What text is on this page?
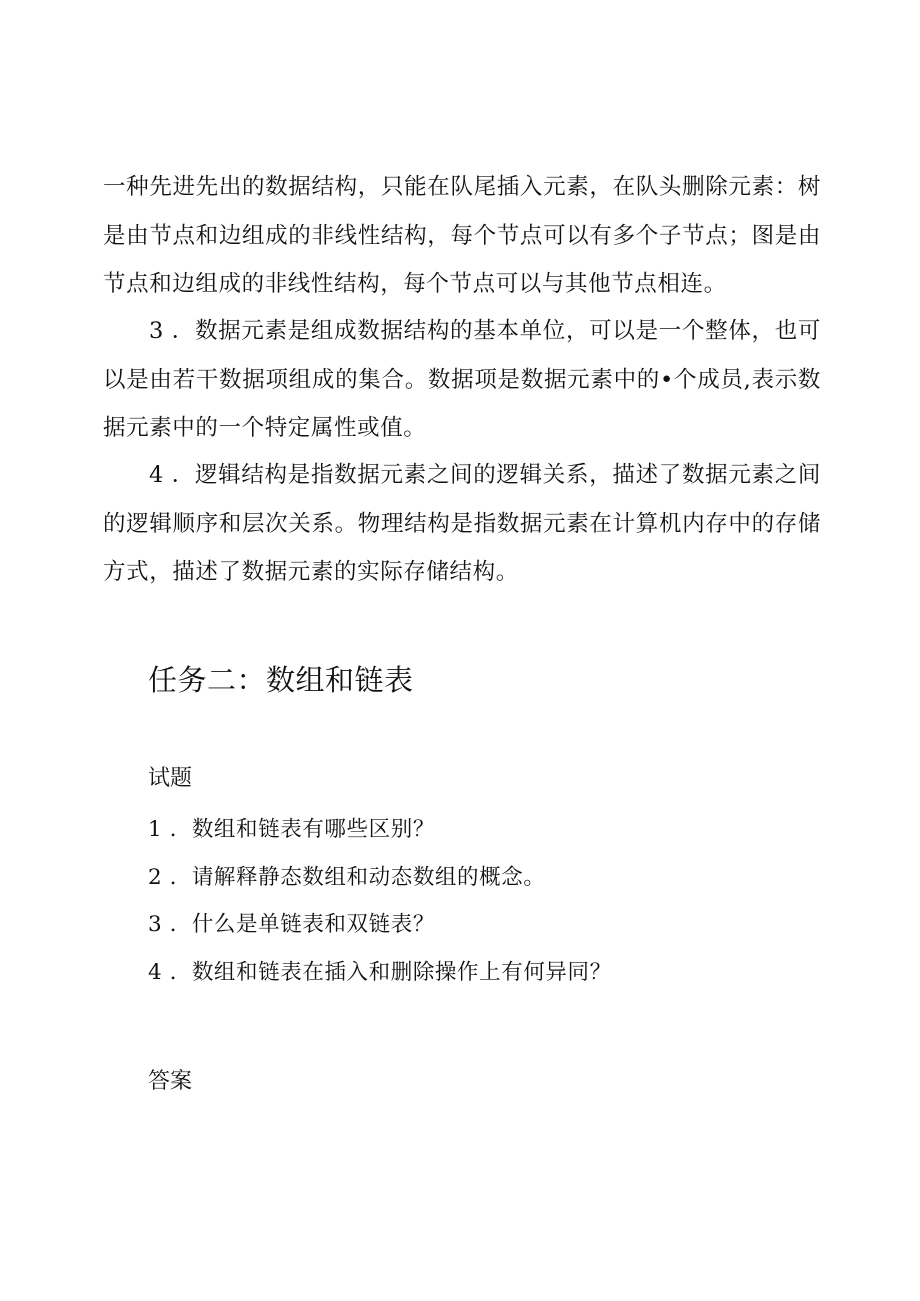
一种先进先出的数据结构，只能在队尾插入元素，在队头删除元素：树是由节点和边组成的非线性结构，每个节点可以有多个子节点；图是由节点和边组成的非线性结构，每个节点可以与其他节点相连。

3 ．数据元素是组成数据结构的基本单位，可以是一个整体，也可以是由若干数据项组成的集合。数据项是数据元素中的•个成员,表示数据元素中的一个特定属性或值。

4 ．逻辑结构是指数据元素之间的逻辑关系，描述了数据元素之间的逻辑顺序和层次关系。物理结构是指数据元素在计算机内存中的存储方式，描述了数据元素的实际存储结构。

任务二：数组和链表
试题
1 ．数组和链表有哪些区别？
2 ．请解释静态数组和动态数组的概念。
3 ．什么是单链表和双链表？
4 ．数组和链表在插入和删除操作上有何异同？
答案
